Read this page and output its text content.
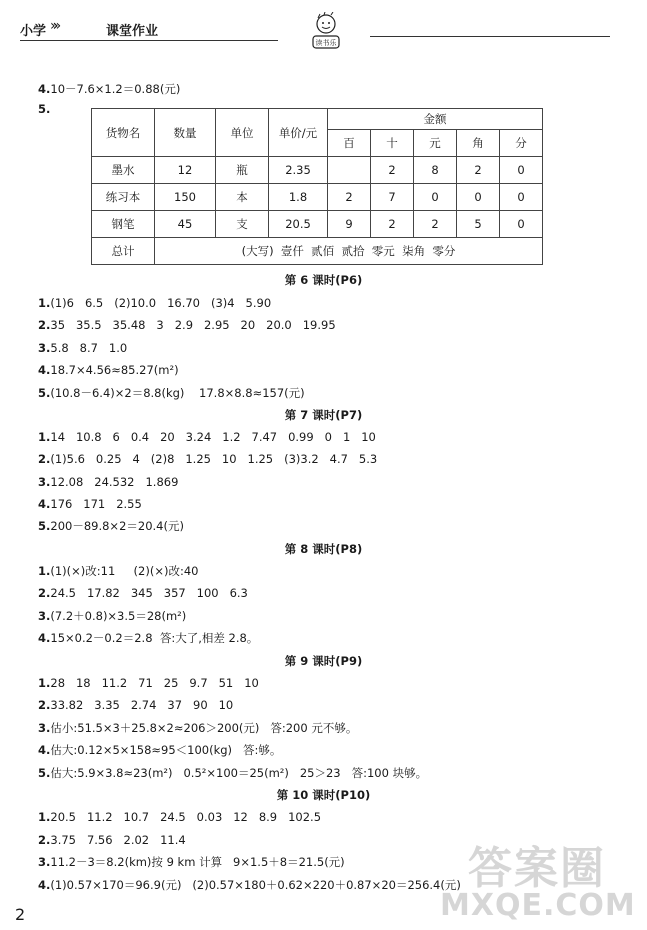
小学 »»	课堂作业
读书乐
4.10－7.6×1.2＝0.88(元)
5.
货物名	数量	单位	单价/元	金额				
				百	十	元	角	分
墨水	12	瓶	2.35		2	8	2	0
练习本	150	本	1.8	2	7	0	0	0
钢笔	45	支	20.5	9	2	2	5	0
总计	(大写)  壹仟  贰佰  贰拾  零元  柒角  零分							
第 6 课时(P6)
1.(1)6   6.5   (2)10.0   16.70   (3)4   5.90
2.35   35.5   35.48   3   2.9   2.95   20   20.0   19.95
3.5.8   8.7   1.0
4.18.7×4.56≈85.27(m²)
5.(10.8－6.4)×2＝8.8(kg)    17.8×8.8≈157(元)
第 7 课时(P7)
1.14   10.8   6   0.4   20   3.24   1.2   7.47   0.99   0   1   10
2.(1)5.6   0.25   4   (2)8   1.25   10   1.25   (3)3.2   4.7   5.3
3.12.08   24.532   1.869
4.176   171   2.55
5.200－89.8×2＝20.4(元)
第 8 课时(P8)
1.(1)(×)改:11     (2)(×)改:40
2.24.5   17.82   345   357   100   6.3
3.(7.2＋0.8)×3.5＝28(m²)
4.15×0.2－0.2＝2.8  答:大了,相差 2.8。
第 9 课时(P9)
1.28   18   11.2   71   25   9.7   51   10
2.33.82   3.35   2.74   37   90   10
3.估小:51.5×3＋25.8×2≈206＞200(元)   答:200 元不够。
4.估大:0.12×5×158≈95＜100(kg)   答:够。
5.估大:5.9×3.8≈23(m²)   0.5²×100＝25(m²)   25＞23   答:100 块够。
第 10 课时(P10)
1.20.5   11.2   10.7   24.5   0.03   12   8.9   102.5
2.3.75   7.56   2.02   11.4
3.11.2－3＝8.2(km)按 9 km 计算   9×1.5＋8＝21.5(元)
4.(1)0.57×170＝96.9(元)   (2)0.57×180＋0.62×220＋0.87×20＝256.4(元) 答案圈
MXQE.COM
2
